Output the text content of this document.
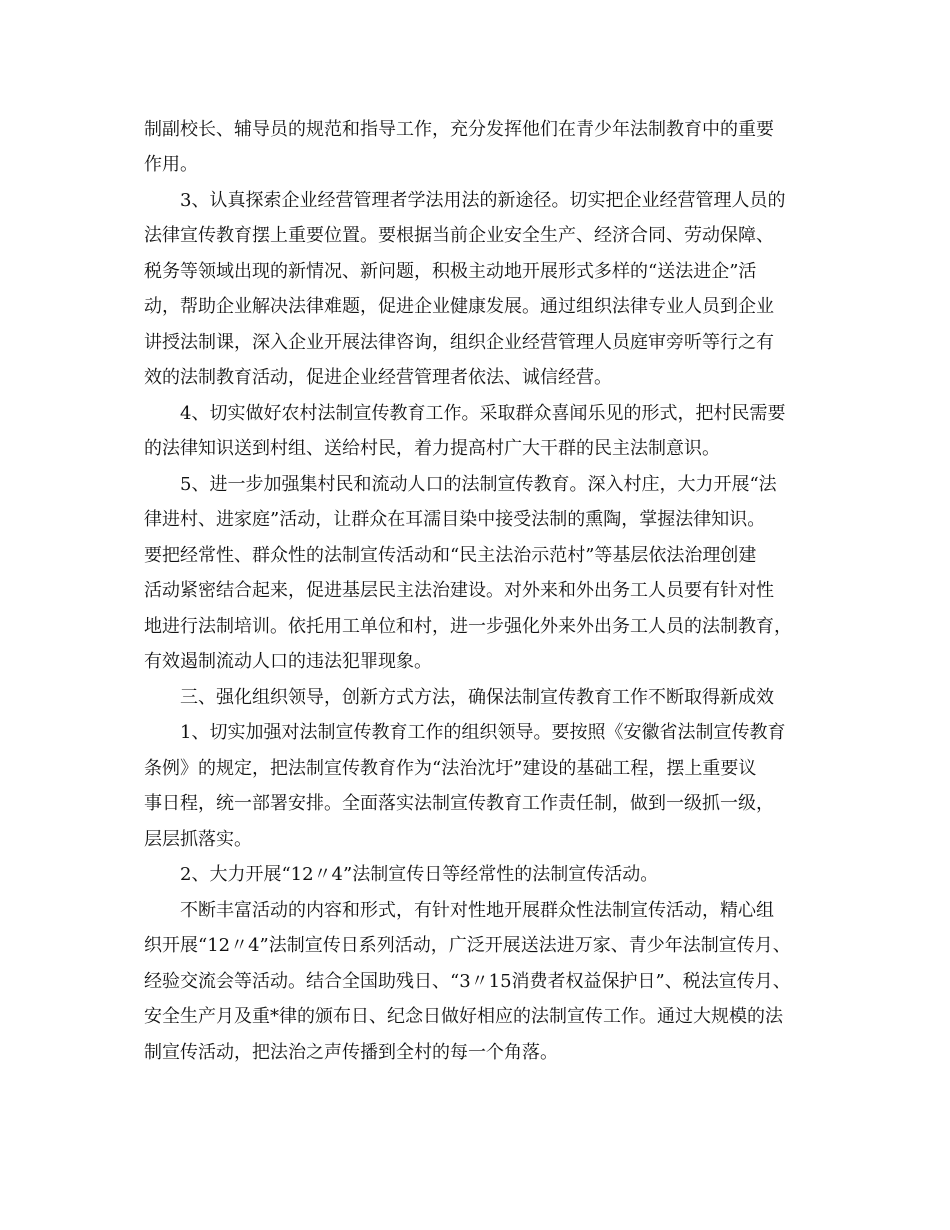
制副校长、辅导员的规范和指导工作，充分发挥他们在青少年法制教育中的重要
作用。
　　3、认真探索企业经营管理者学法用法的新途径。切实把企业经营管理人员的
法律宣传教育摆上重要位置。要根据当前企业安全生产、经济合同、劳动保障、
税务等领域出现的新情况、新问题，积极主动地开展形式多样的“送法进企”活
动，帮助企业解决法律难题，促进企业健康发展。通过组织法律专业人员到企业
讲授法制课，深入企业开展法律咨询，组织企业经营管理人员庭审旁听等行之有
效的法制教育活动，促进企业经营管理者依法、诚信经营。
　　4、切实做好农村法制宣传教育工作。采取群众喜闻乐见的形式，把村民需要
的法律知识送到村组、送给村民，着力提高村广大干群的民主法制意识。
　　5、进一步加强集村民和流动人口的法制宣传教育。深入村庄，大力开展“法
律进村、进家庭”活动，让群众在耳濡目染中接受法制的熏陶，掌握法律知识。
要把经常性、群众性的法制宣传活动和“民主法治示范村”等基层依法治理创建
活动紧密结合起来，促进基层民主法治建设。对外来和外出务工人员要有针对性
地进行法制培训。依托用工单位和村，进一步强化外来外出务工人员的法制教育，
有效遏制流动人口的违法犯罪现象。
　　三、强化组织领导，创新方式方法，确保法制宣传教育工作不断取得新成效
　　1、切实加强对法制宣传教育工作的组织领导。要按照《安徽省法制宣传教育
条例》的规定，把法制宣传教育作为“法治沈圩”建设的基础工程，摆上重要议
事日程，统一部署安排。全面落实法制宣传教育工作责任制，做到一级抓一级，
层层抓落实。
　　2、大力开展“12〃4”法制宣传日等经常性的法制宣传活动。
　　不断丰富活动的内容和形式，有针对性地开展群众性法制宣传活动，精心组
织开展“12〃4”法制宣传日系列活动，广泛开展送法进万家、青少年法制宣传月、
经验交流会等活动。结合全国助残日、“3〃15消费者权益保护日”、税法宣传月、
安全生产月及重*律的颁布日、纪念日做好相应的法制宣传工作。通过大规模的法
制宣传活动，把法治之声传播到全村的每一个角落。
